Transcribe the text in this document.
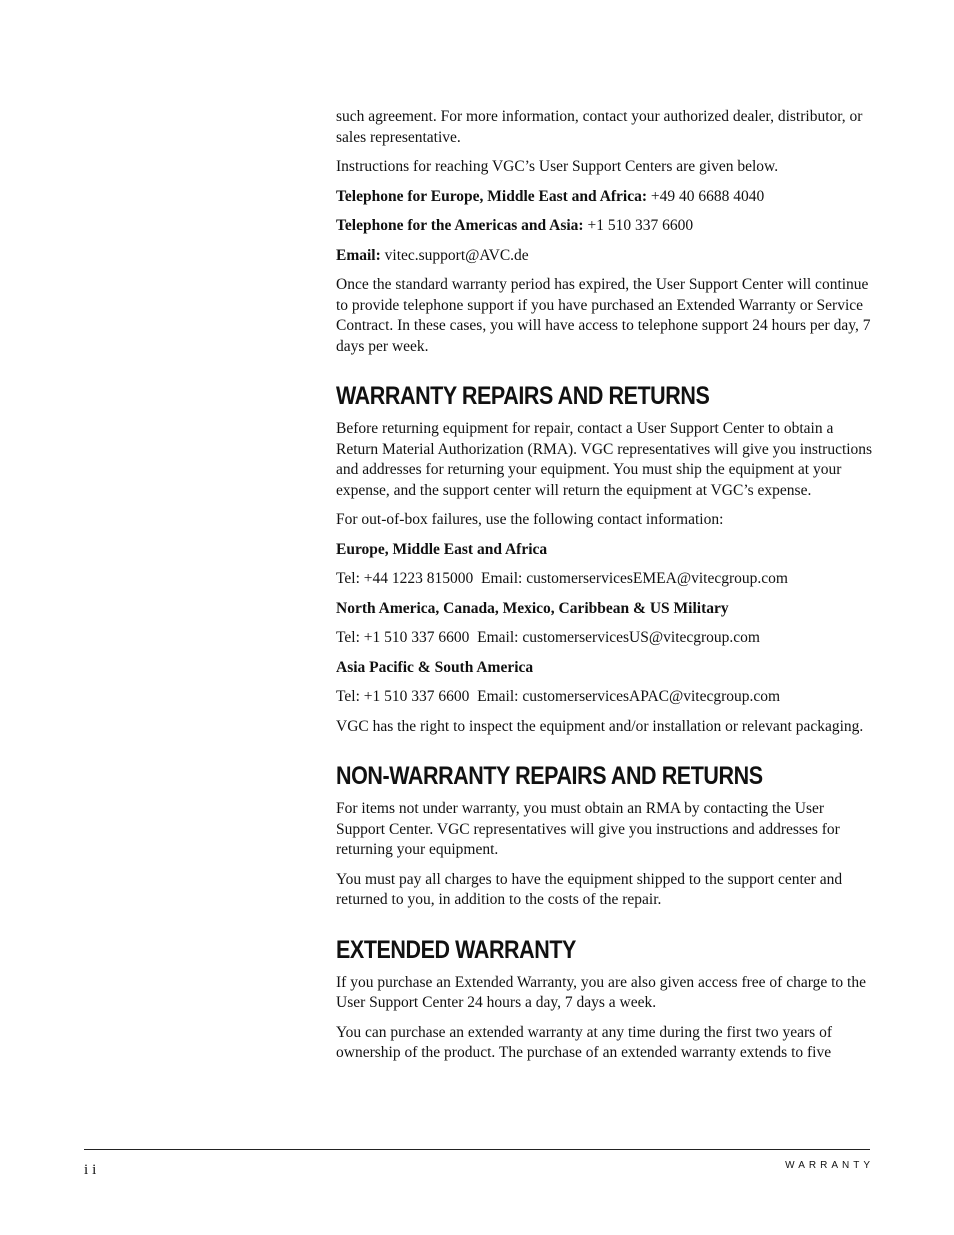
such agreement. For more information, contact your authorized dealer, distributor, or sales representative.

Instructions for reaching VGC’s User Support Centers are given below.

Telephone for Europe, Middle East and Africa: +49 40 6688 4040

Telephone for the Americas and Asia: +1 510 337 6600

Email: vitec.support@AVC.de

Once the standard warranty period has expired, the User Support Center will continue to provide telephone support if you have purchased an Extended Warranty or Service Contract. In these cases, you will have access to telephone support 24 hours per day, 7 days per week.

WARRANTY REPAIRS AND RETURNS

Before returning equipment for repair, contact a User Support Center to obtain a Return Material Authorization (RMA). VGC representatives will give you instructions and addresses for returning your equipment. You must ship the equipment at your expense, and the support center will return the equipment at VGC’s expense.

For out-of-box failures, use the following contact information:

Europe, Middle East and Africa

Tel: +44 1223 815000  Email: customerservicesEMEA@vitecgroup.com

North America, Canada, Mexico, Caribbean & US Military

Tel: +1 510 337 6600  Email: customerservicesUS@vitecgroup.com

Asia Pacific & South America

Tel: +1 510 337 6600  Email: customerservicesAPAC@vitecgroup.com

VGC has the right to inspect the equipment and/or installation or relevant packaging.

NON-WARRANTY REPAIRS AND RETURNS

For items not under warranty, you must obtain an RMA by contacting the User Support Center. VGC representatives will give you instructions and addresses for returning your equipment.

You must pay all charges to have the equipment shipped to the support center and returned to you, in addition to the costs of the repair.

EXTENDED WARRANTY

If you purchase an Extended Warranty, you are also given access free of charge to the User Support Center 24 hours a day, 7 days a week.

You can purchase an extended warranty at any time during the first two years of ownership of the product. The purchase of an extended warranty extends to five

ii	WARRANTY
